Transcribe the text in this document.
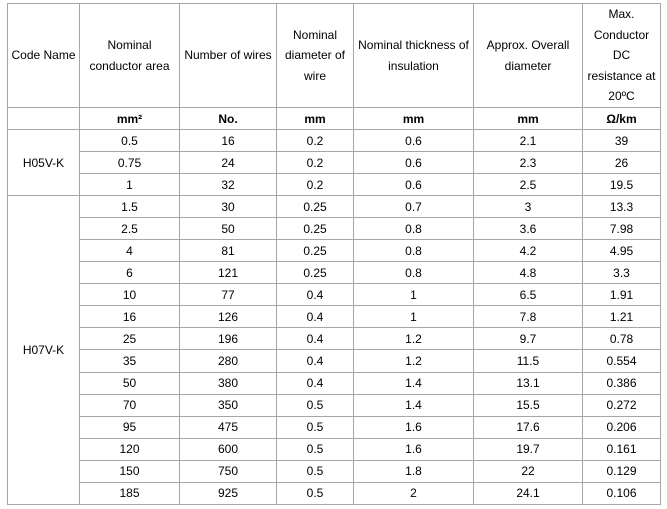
Code Name	Nominal conductor area	Number of wires	Nominal diameter of wire	Nominal thickness of insulation	Approx. Overall diameter	Max. Conductor DC resistance at 20ºC
	mm²	No.	mm	mm	mm	Ω/km
H05V-K	0.5	16	0.2	0.6	2.1	39
	0.75	24	0.2	0.6	2.3	26
	1	32	0.2	0.6	2.5	19.5
H07V-K	1.5	30	0.25	0.7	3	13.3
	2.5	50	0.25	0.8	3.6	7.98
	4	81	0.25	0.8	4.2	4.95
	6	121	0.25	0.8	4.8	3.3
	10	77	0.4	1	6.5	1.91
	16	126	0.4	1	7.8	1.21
	25	196	0.4	1.2	9.7	0.78
	35	280	0.4	1.2	11.5	0.554
	50	380	0.4	1.4	13.1	0.386
	70	350	0.5	1.4	15.5	0.272
	95	475	0.5	1.6	17.6	0.206
	120	600	0.5	1.6	19.7	0.161
	150	750	0.5	1.8	22	0.129
	185	925	0.5	2	24.1	0.106
